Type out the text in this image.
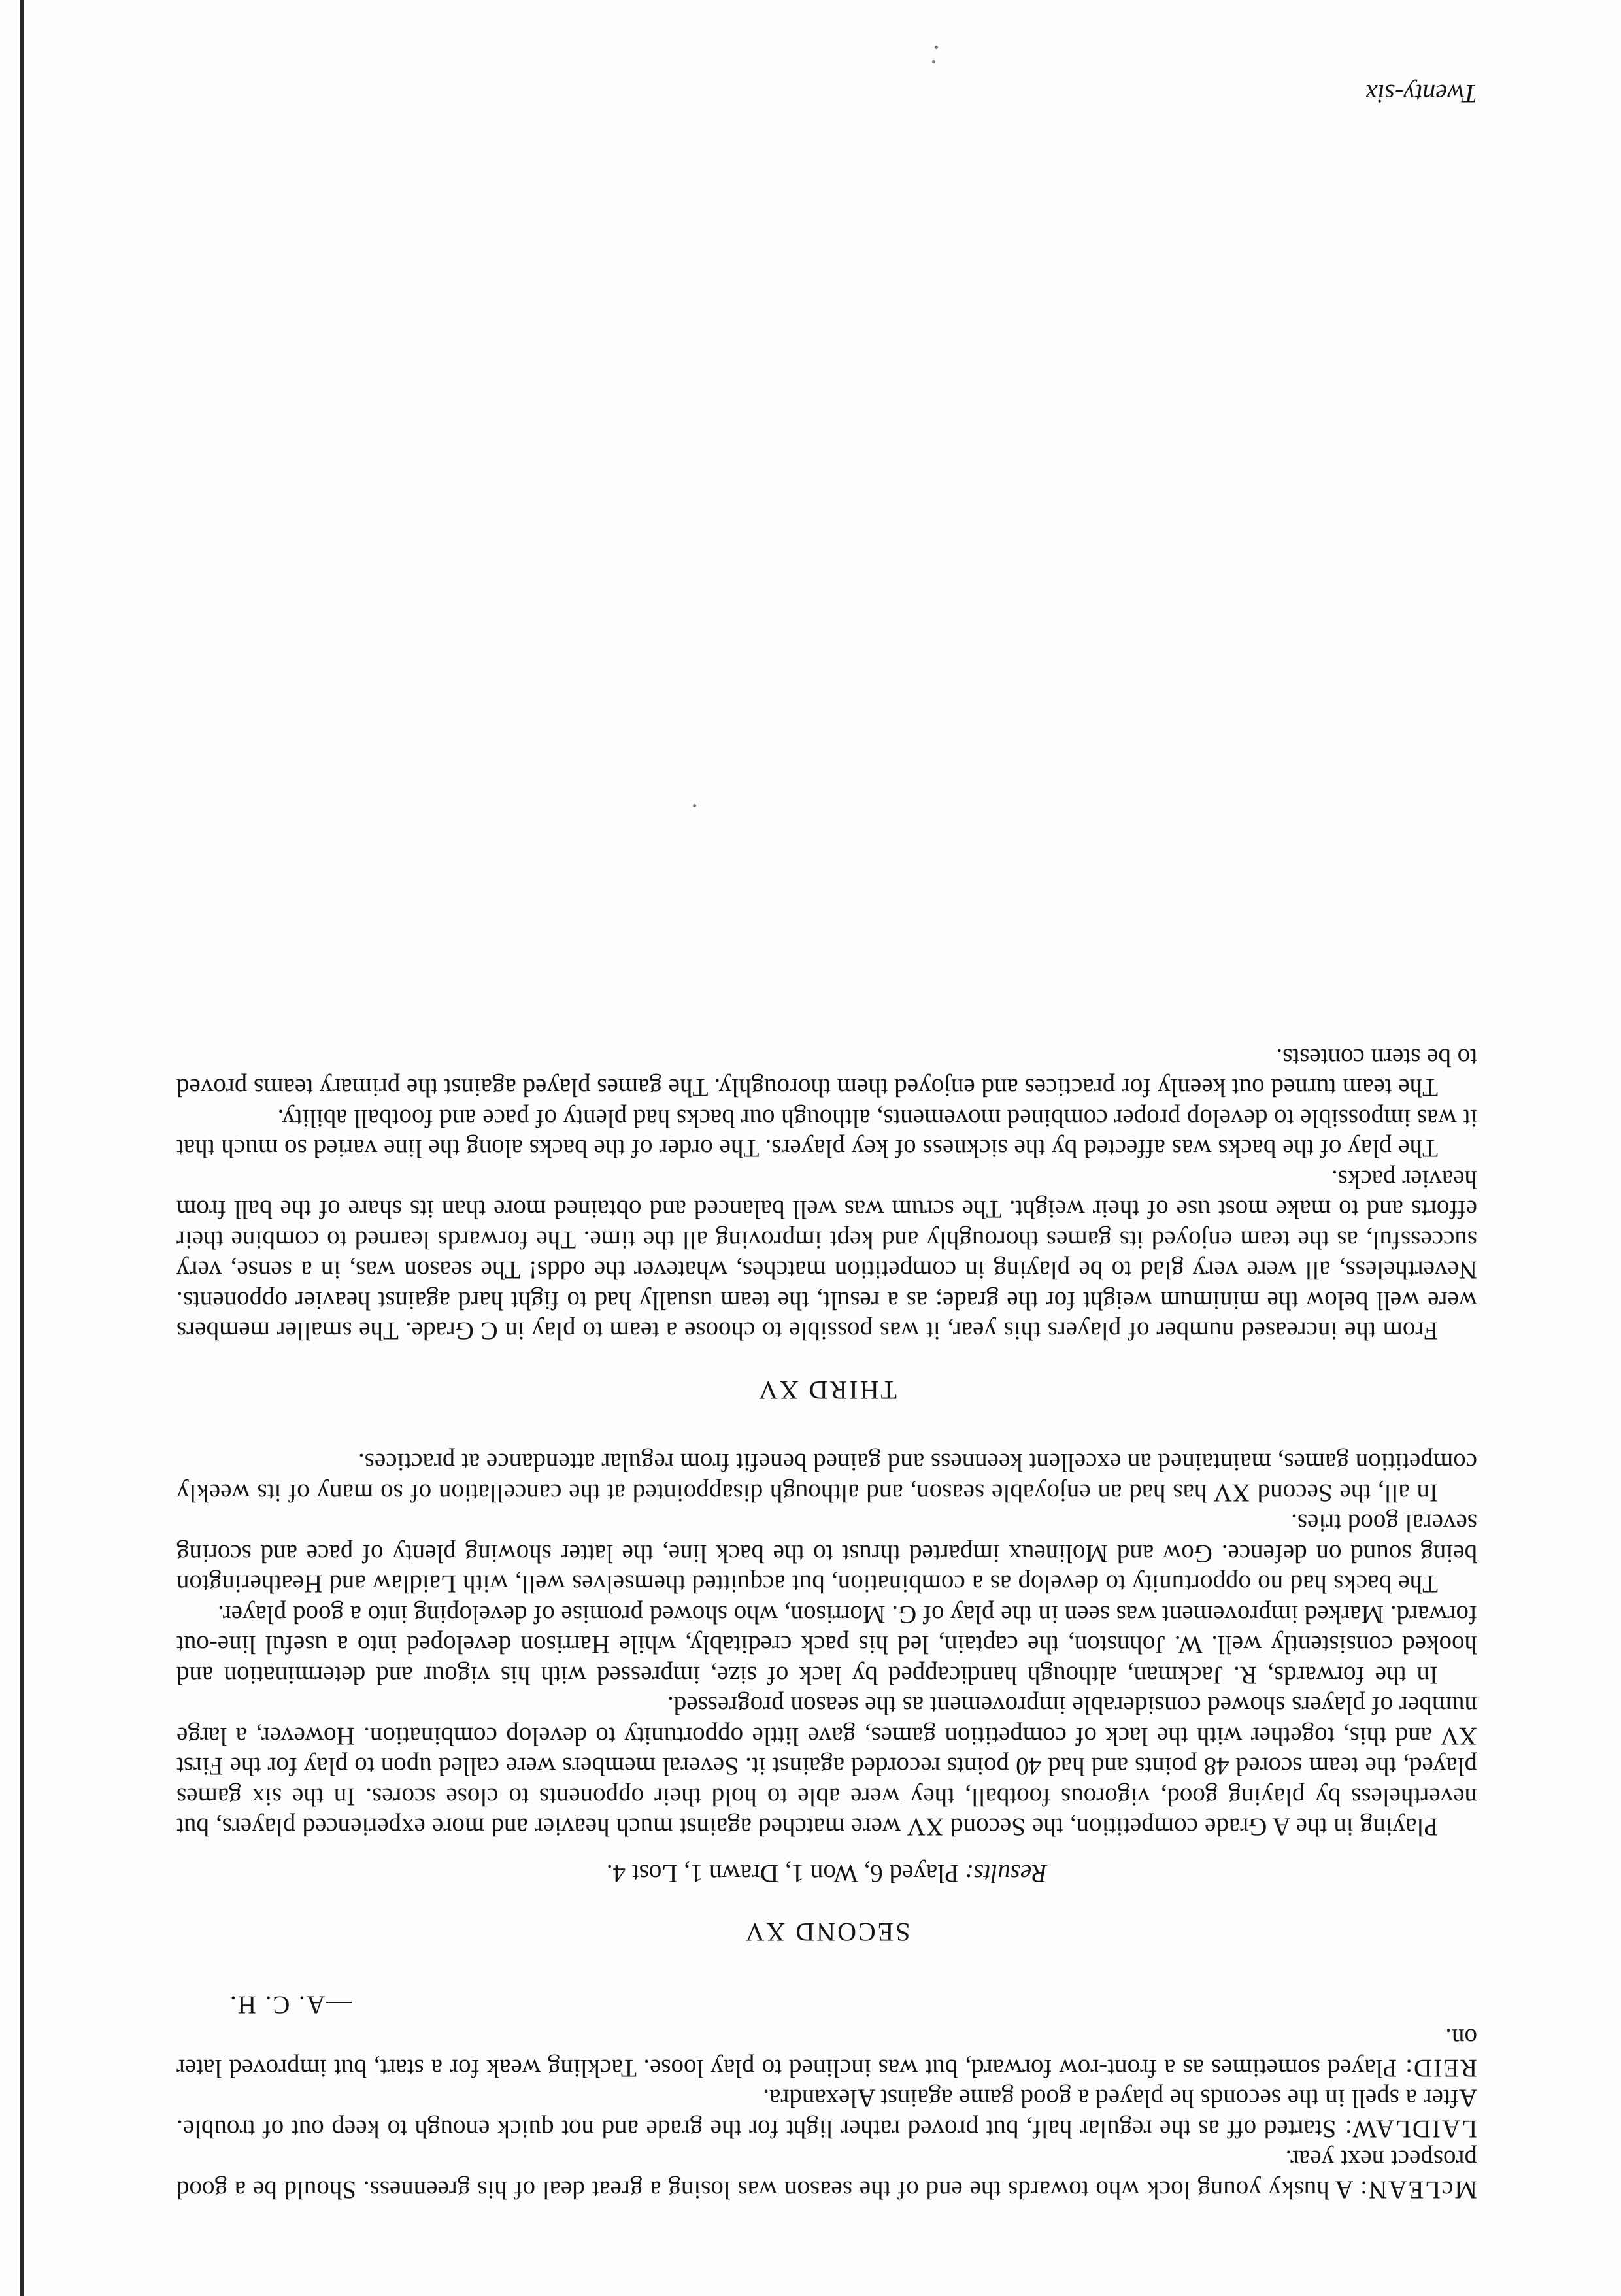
McLEAN: A husky young lock who towards the end of the season was losing a great deal of his greenness. Should be a good prospect next year.

LAIDLAW: Started off as the regular half, but proved rather light for the grade and not quick enough to keep out of trouble. After a spell in the seconds he played a good game against Alexandra.

REID: Played sometimes as a front-row forward, but was inclined to play loose. Tackling weak for a start, but improved later on.

—A. C. H.
SECOND XV
Results: Played 6, Won 1, Drawn 1, Lost 4.

Playing in the A Grade competition, the Second XV were matched against much heavier and more experienced players, but nevertheless by playing good, vigorous football, they were able to hold their opponents to close scores. In the six games played, the team scored 48 points and had 40 points recorded against it. Several members were called upon to play for the First XV and this, together with the lack of competition games, gave little opportunity to develop combination. However, a large number of players showed considerable improvement as the season progressed.

In the forwards, R. Jackman, although handicapped by lack of size, impressed with his vigour and determination and hooked consistently well. W. Johnston, the captain, led his pack creditably, while Harrison developed into a useful line-out forward. Marked improvement was seen in the play of G. Morrison, who showed promise of developing into a good player.

The backs had no opportunity to develop as a combination, but acquitted themselves well, with Laidlaw and Heatherington being sound on defence. Gow and Molineux imparted thrust to the back line, the latter showing plenty of pace and scoring several good tries.

In all, the Second XV has had an enjoyable season, and although disappointed at the cancellation of so many of its weekly competition games, maintained an excellent keenness and gained benefit from regular attendance at practices.

THIRD XV

From the increased number of players this year, it was possible to choose a team to play in C Grade. The smaller members were well below the minimum weight for the grade; as a result, the team usually had to fight hard against heavier opponents. Nevertheless, all were very glad to be playing in competition matches, whatever the odds! The season was, in a sense, very successful, as the team enjoyed its games thoroughly and kept improving all the time. The forwards learned to combine their efforts and to make most use of their weight. The scrum was well balanced and obtained more than its share of the ball from heavier packs.

The play of the backs was affected by the sickness of key players. The order of the backs along the line varied so much that it was impossible to develop proper combined movements, although our backs had plenty of pace and football ability.

The team turned out keenly for practices and enjoyed them thoroughly. The games played against the primary teams proved to be stern contests.

Twenty-six
